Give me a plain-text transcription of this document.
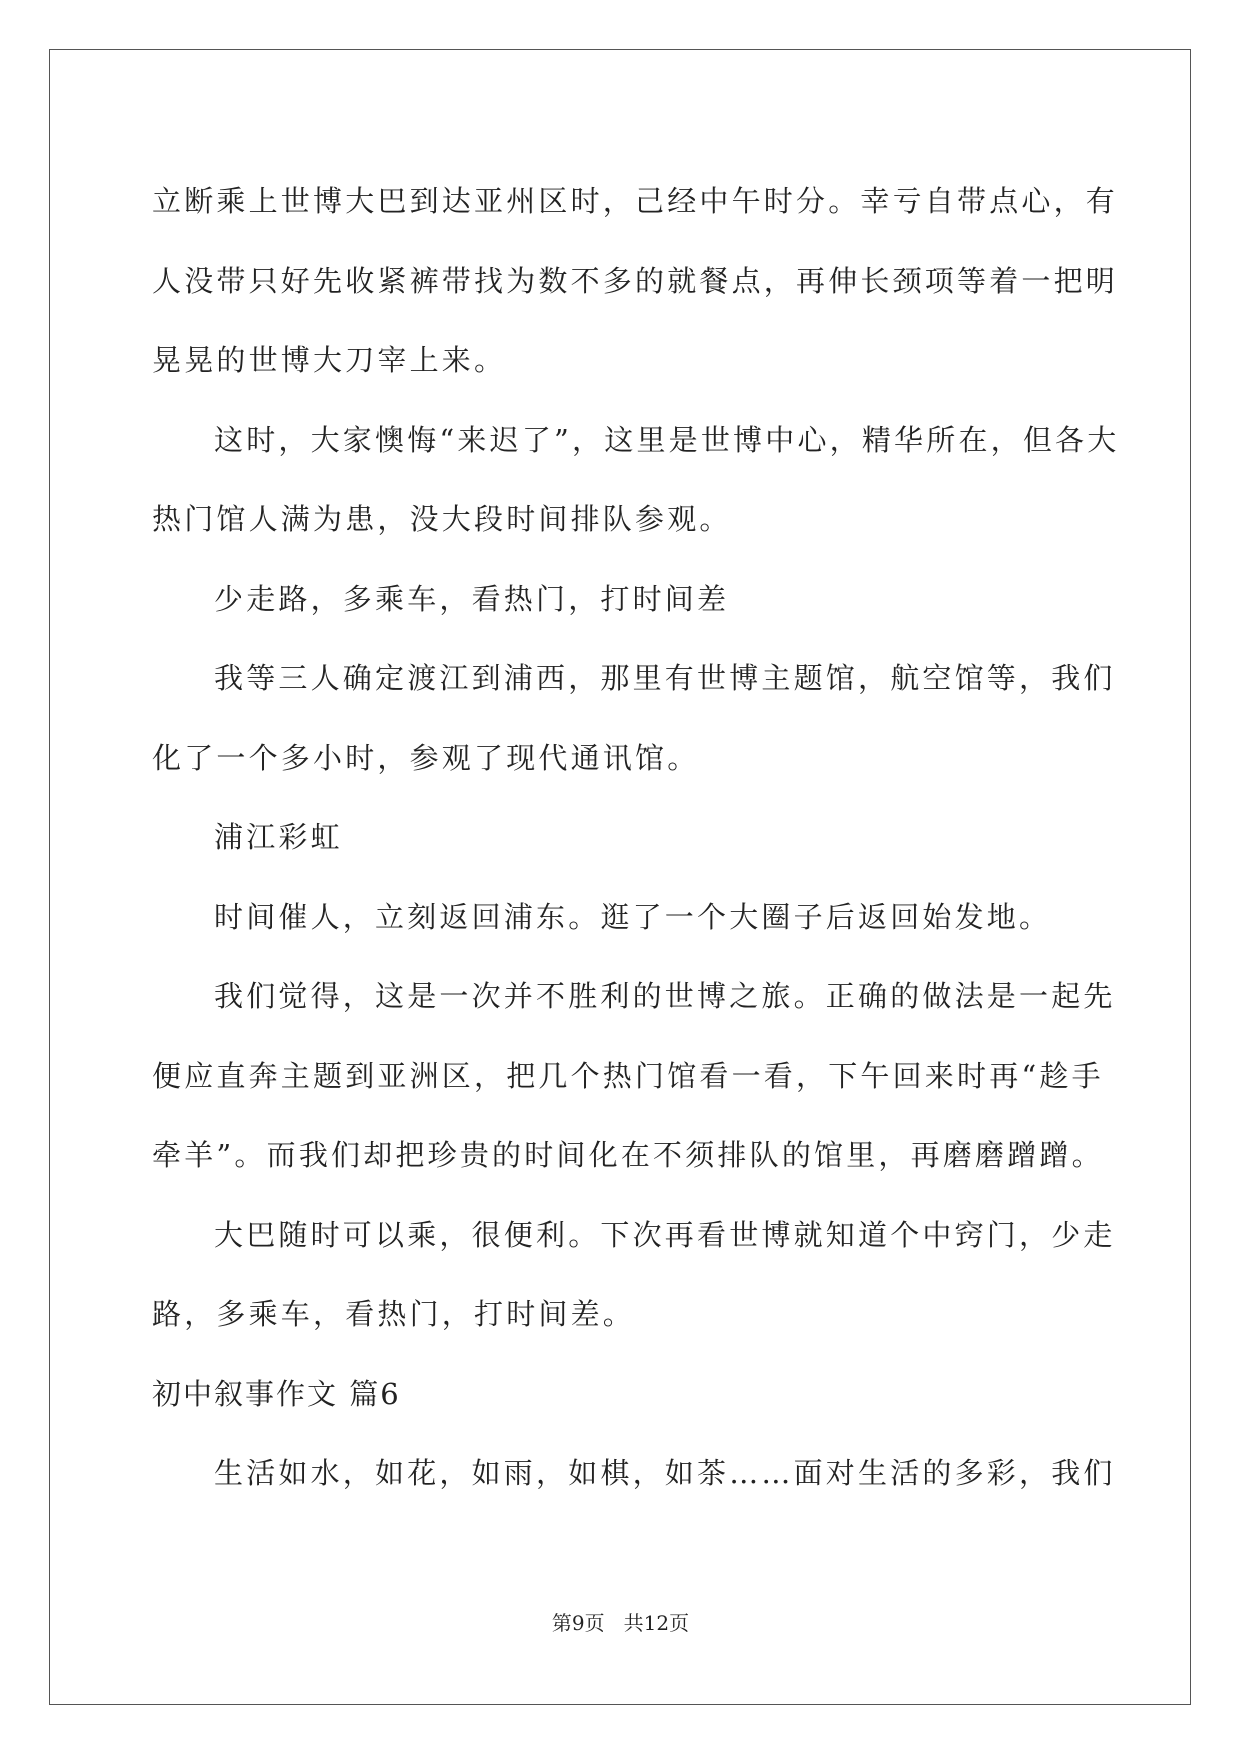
立断乘上世博大巴到达亚州区时，己经中午时分。幸亏自带点心，有

人没带只好先收紧裤带找为数不多的就餐点，再伸长颈项等着一把明

晃晃的世博大刀宰上来。

这时，大家懊悔“来迟了”，这里是世博中心，精华所在，但各大

热门馆人满为患，没大段时间排队参观。

少走路，多乘车，看热门，打时间差

我等三人确定渡江到浦西，那里有世博主题馆，航空馆等，我们

化了一个多小时，参观了现代通讯馆。

浦江彩虹

时间催人，立刻返回浦东。逛了一个大圈子后返回始发地。

我们觉得，这是一次并不胜利的世博之旅。正确的做法是一起先

便应直奔主题到亚洲区，把几个热门馆看一看，下午回来时再“趁手

牵羊”。而我们却把珍贵的时间化在不须排队的馆里，再磨磨蹭蹭。

大巴随时可以乘，很便利。下次再看世博就知道个中窍门，少走

路，多乘车，看热门，打时间差。

初中叙事作文 篇6

生活如水，如花，如雨，如棋，如茶……面对生活的多彩，我们

第9页 共12页
